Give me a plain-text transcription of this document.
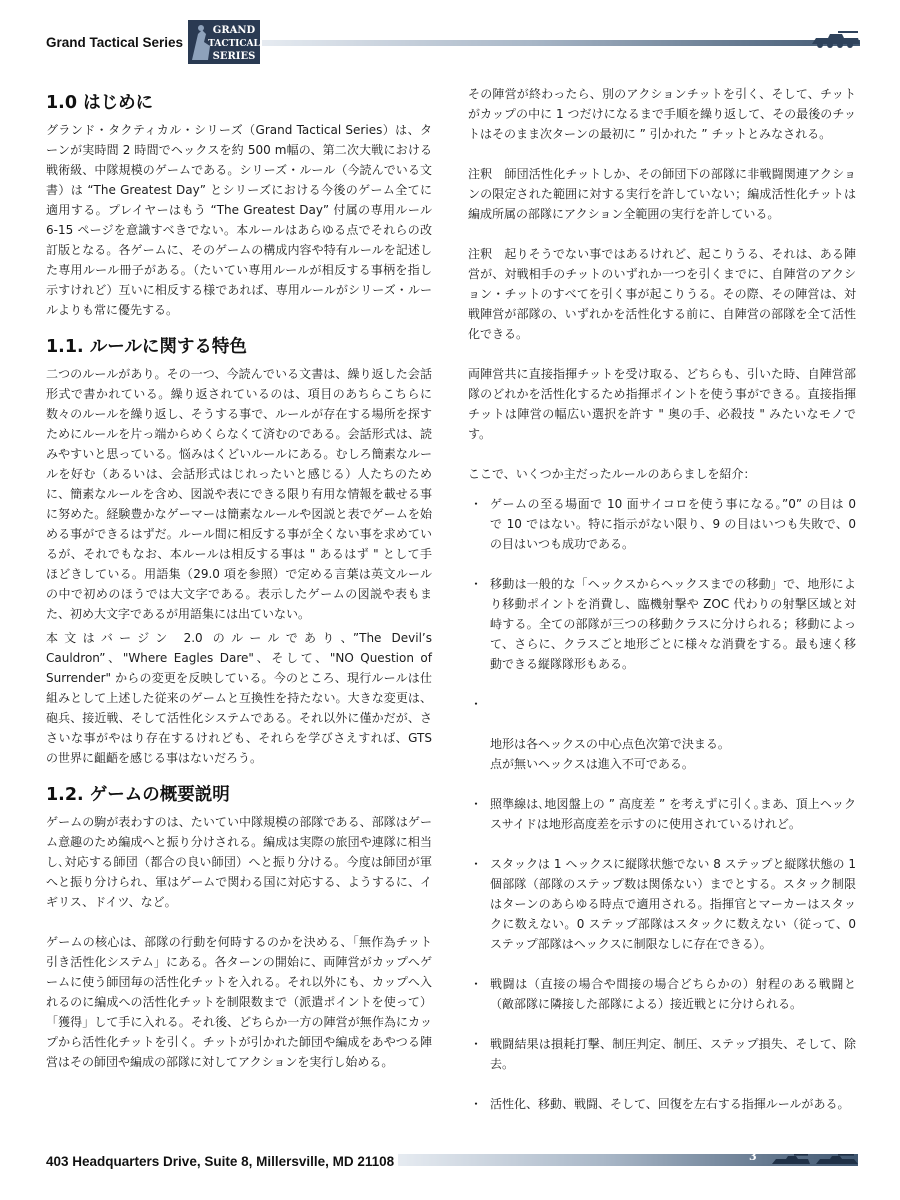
Grand Tactical Series
GRAND
TACTICAL
SERIES
1.0 はじめに

グランド・タクティカル・シリーズ（Grand Tactical Series）は、ターンが実時間 2 時間でヘックスを約 500 m幅の、第二次大戦における戦術級、中隊規模のゲームである。シリーズ・ルール（今読んでいる文書）は “The Greatest Day” とシリーズにおける今後のゲーム全てに適用する。プレイヤーはもう “The Greatest Day” 付属の専用ルール 6-15 ページを意識すべきでない。本ルールはあらゆる点でそれらの改訂版となる。各ゲームに、そのゲームの構成内容や特有ルールを記述した専用ルール冊子がある。（たいてい専用ルールが相反する事柄を指し示すけれど）互いに相反する様であれば、専用ルールがシリーズ・ルールよりも常に優先する。

1.1. ルールに関する特色

二つのルールがあり。その一つ、今読んでいる文書は、繰り返した会話形式で書かれている。繰り返されているのは、項目のあちらこちらに数々のルールを繰り返し、そうする事で、ルールが存在する場所を探すためにルールを片っ端からめくらなくて済むのである。会話形式は、読みやすいと思っている。悩みはくどいルールにある。むしろ簡素なルールを好む（あるいは、会話形式はじれったいと感じる）人たちのために、簡素なルールを含め、図説や表にできる限り有用な情報を載せる事に努めた。経験豊かなゲーマーは簡素なルールや図説と表でゲームを始める事ができるはずだ。ルール間に相反する事が全くない事を求めているが、それでもなお、本ルールは相反する事は " あるはず " として手ほどきしている。用語集（29.0 項を参照）で定める言葉は英文ルールの中で初めのほうでは大文字である。表示したゲームの図説や表もまた、初め大文字であるが用語集には出ていない。

本文はバージン 2.0 のルールであり、”The Devil’s Cauldron”、"Where Eagles Dare"、そして、"NO Question of Surrender" からの変更を反映している。今のところ、現行ルールは仕組みとして上述した従来のゲームと互換性を持たない。大きな変更は、砲兵、接近戦、そして活性化システムである。それ以外に僅かだが、ささいな事がやはり存在するけれども、それらを学びさえすれば、GTS の世界に齟齬を感じる事はないだろう。

1.2. ゲームの概要説明

ゲームの駒が表わすのは、たいてい中隊規模の部隊である、部隊はゲーム意趣のため編成へと振り分けされる。編成は実際の旅団や連隊に相当し､対応する師団（都合の良い師団）へと振り分ける。今度は師団が軍へと振り分けられ、軍はゲームで関わる国に対応する、ようするに、イギリス、ドイツ、など。

ゲームの核心は、部隊の行動を何時するのかを決める、「無作為チット引き活性化システム」にある。各ターンの開始に、両陣営がカップへゲームに使う師団毎の活性化チットを入れる。それ以外にも、カップへ入れるのに編成への活性化チットを制限数まで（派遣ポイントを使って）「獲得」して手に入れる。それ後、どちらか一方の陣営が無作為にカップから活性化チットを引く。チットが引かれた師団や編成をあやつる陣営はその師団や編成の部隊に対してアクションを実行し始める。

その陣営が終わったら、別のアクションチットを引く、そして、チットがカップの中に 1 つだけになるまで手順を繰り返して、その最後のチットはそのまま次ターンの最初に ” 引かれた ” チットとみなされる。

注釈　師団活性化チットしか、その師団下の部隊に非戦闘関連アクションの限定された範囲に対する実行を許していない；編成活性化チットは編成所属の部隊にアクション全範囲の実行を許している。

注釈　起りそうでない事ではあるけれど、起こりうる、それは、ある陣営が、対戦相手のチットのいずれか一つを引くまでに、自陣営のアクション・チットのすべてを引く事が起こりうる。その際、その陣営は、対戦陣営が部隊の、いずれかを活性化する前に、自陣営の部隊を全て活性化できる。

両陣営共に直接指揮チットを受け取る、どちらも、引いた時、自陣営部隊のどれかを活性化するため指揮ポイントを使う事ができる。直接指揮チットは陣営の幅広い選択を許す " 奥の手、必殺技 " みたいなモノです。

ここで、いくつか主だったルールのあらましを紹介：

・ ゲームの至る場面で 10 面サイコロを使う事になる。”0” の目は 0 で 10 ではない。特に指示がない限り、9 の目はいつも失敗で、0 の目はいつも成功である。
・ 移動は一般的な「ヘックスからヘックスまでの移動」で、地形により移動ポイントを消費し、臨機射撃や ZOC 代わりの射撃区域と対峙する。全ての部隊が三つの移動クラスに分けられる；移動によって、さらに、クラスごと地形ごとに様々な消費をする。最も速く移動できる縦隊隊形もある。

・

地形は各ヘックスの中心点色次第で決まる。
点が無いヘックスは進入不可である。

・ 照準線は､地図盤上の ” 高度差 ” を考えずに引く｡まあ、頂上ヘックスサイドは地形高度差を示すのに使用されているけれど。
・ スタックは 1 ヘックスに縦隊状態でない 8 ステップと縦隊状態の 1 個部隊（部隊のステップ数は関係ない）までとする。スタック制限はターンのあらゆる時点で適用される。指揮官とマーカーはスタックに数えない。0 ステップ部隊はスタックに数えない（従って、0 ステップ部隊はヘックスに制限なしに存在できる）。
・ 戦闘は（直接の場合や間接の場合どちらかの）射程のある戦闘と（敵部隊に隣接した部隊による）接近戦とに分けられる。
・ 戦闘結果は損耗打撃、制圧判定、制圧、ステップ損失、そして、除去。
・ 活性化、移動、戦闘、そして、回復を左右する指揮ルールがある。
403 Headquarters Drive, Suite 8, Millersville, MD 21108	3
